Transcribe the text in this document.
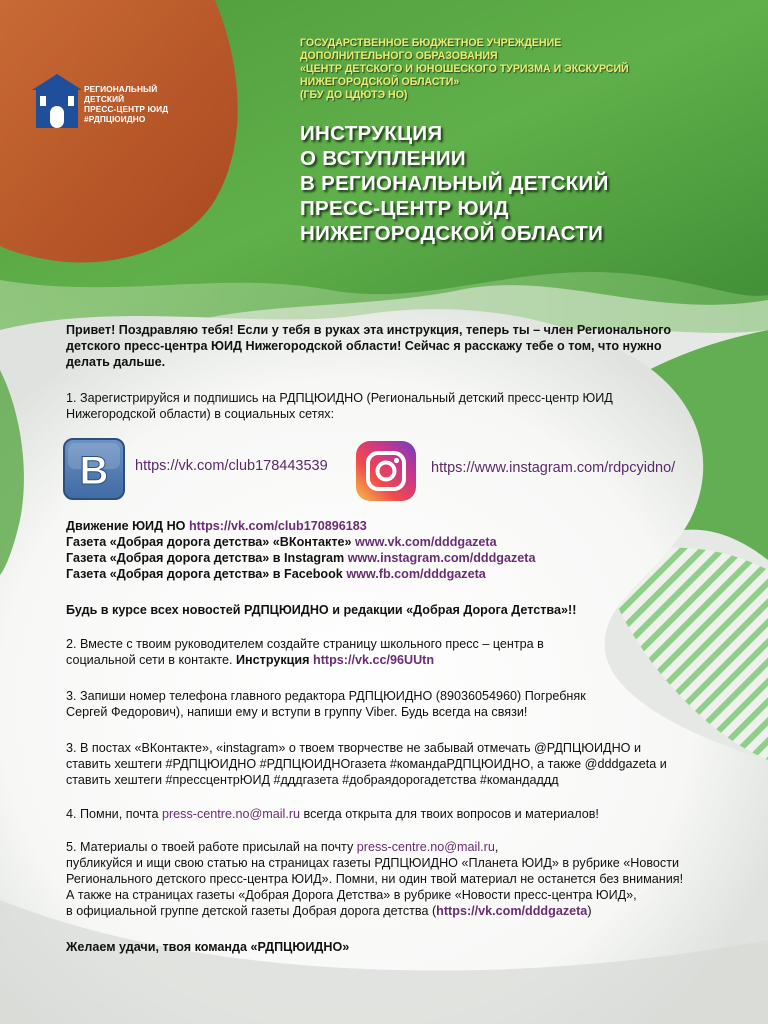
РЕГИОНАЛЬНЫЙ
ДЕТСКИЙ
ПРЕСС-ЦЕНТР ЮИД
#РДПЦЮИДНО
ГОСУДАРСТВЕННОЕ БЮДЖЕТНОЕ УЧРЕЖДЕНИЕ
ДОПОЛНИТЕЛЬНОГО ОБРАЗОВАНИЯ
«ЦЕНТР ДЕТСКОГО И ЮНОШЕСКОГО ТУРИЗМА И ЭКСКУРСИЙ
НИЖЕГОРОДСКОЙ ОБЛАСТИ»
(ГБУ ДО ЦДЮТЭ НО)
ИНСТРУКЦИЯ
О ВСТУПЛЕНИИ
В РЕГИОНАЛЬНЫЙ ДЕТСКИЙ
ПРЕСС-ЦЕНТР ЮИД
НИЖЕГОРОДСКОЙ ОБЛАСТИ
B https://vk.com/club178443539	https://www.instagram.com/rdpcyidno/
Привет! Поздравляю тебя! Если у тебя в руках эта инструкция, теперь ты – член Регионального
детского пресс-центра ЮИД Нижегородской области! Сейчас я расскажу тебе о том, что нужно
делать дальше.
1. Зарегистрируйся и подпишись на РДПЦЮИДНО (Региональный детский пресс-центр ЮИД
Нижегородской области) в социальных сетях:
Движение ЮИД НО https://vk.com/club170896183
Газета «Добрая дорога детства» «ВКонтакте» www.vk.com/dddgazeta
Газета «Добрая дорога детства» в Instagram www.instagram.com/dddgazeta
Газета «Добрая дорога детства» в Facebook www.fb.com/dddgazeta
Будь в курсе всех новостей РДПЦЮИДНО и редакции «Добрая Дорога Детства»!!
2. Вместе с твоим руководителем создайте страницу школьного пресс – центра в
социальной сети в контакте. Инструкция https://vk.cc/96UUtn
3. Запиши номер телефона главного редактора РДПЦЮИДНО (89036054960) Погребняк
Сергей Федорович), напиши ему и вступи в группу Viber. Будь всегда на связи!
3. В постах «ВКонтакте», «instagram» о твоем творчестве не забывай отмечать @РДПЦЮИДНО и
ставить хештеги #РДПЦЮИДНО #РДПЦЮИДНОгазета #командаРДПЦЮИДНО, а также @dddgazeta и
ставить хештеги #прессцентрЮИД #дддгазета #добраядорогадетства #командаддд
4. Помни, почта press-centre.no@mail.ru всегда открыта для твоих вопросов и материалов!
5. Материалы о твоей работе присылай на почту press-centre.no@mail.ru,
публикуйся и ищи свою статью на страницах газеты РДПЦЮИДНО «Планета ЮИД» в рубрике «Новости
Регионального детского пресс-центра ЮИД». Помни, ни один твой материал не останется без внимания!
А также на страницах газеты «Добрая Дорога Детства» в рубрике «Новости пресс-центра ЮИД»,
в официальной группе детской газеты Добрая дорога детства (https://vk.com/dddgazeta)
Желаем удачи, твоя команда «РДПЦЮИДНО»
